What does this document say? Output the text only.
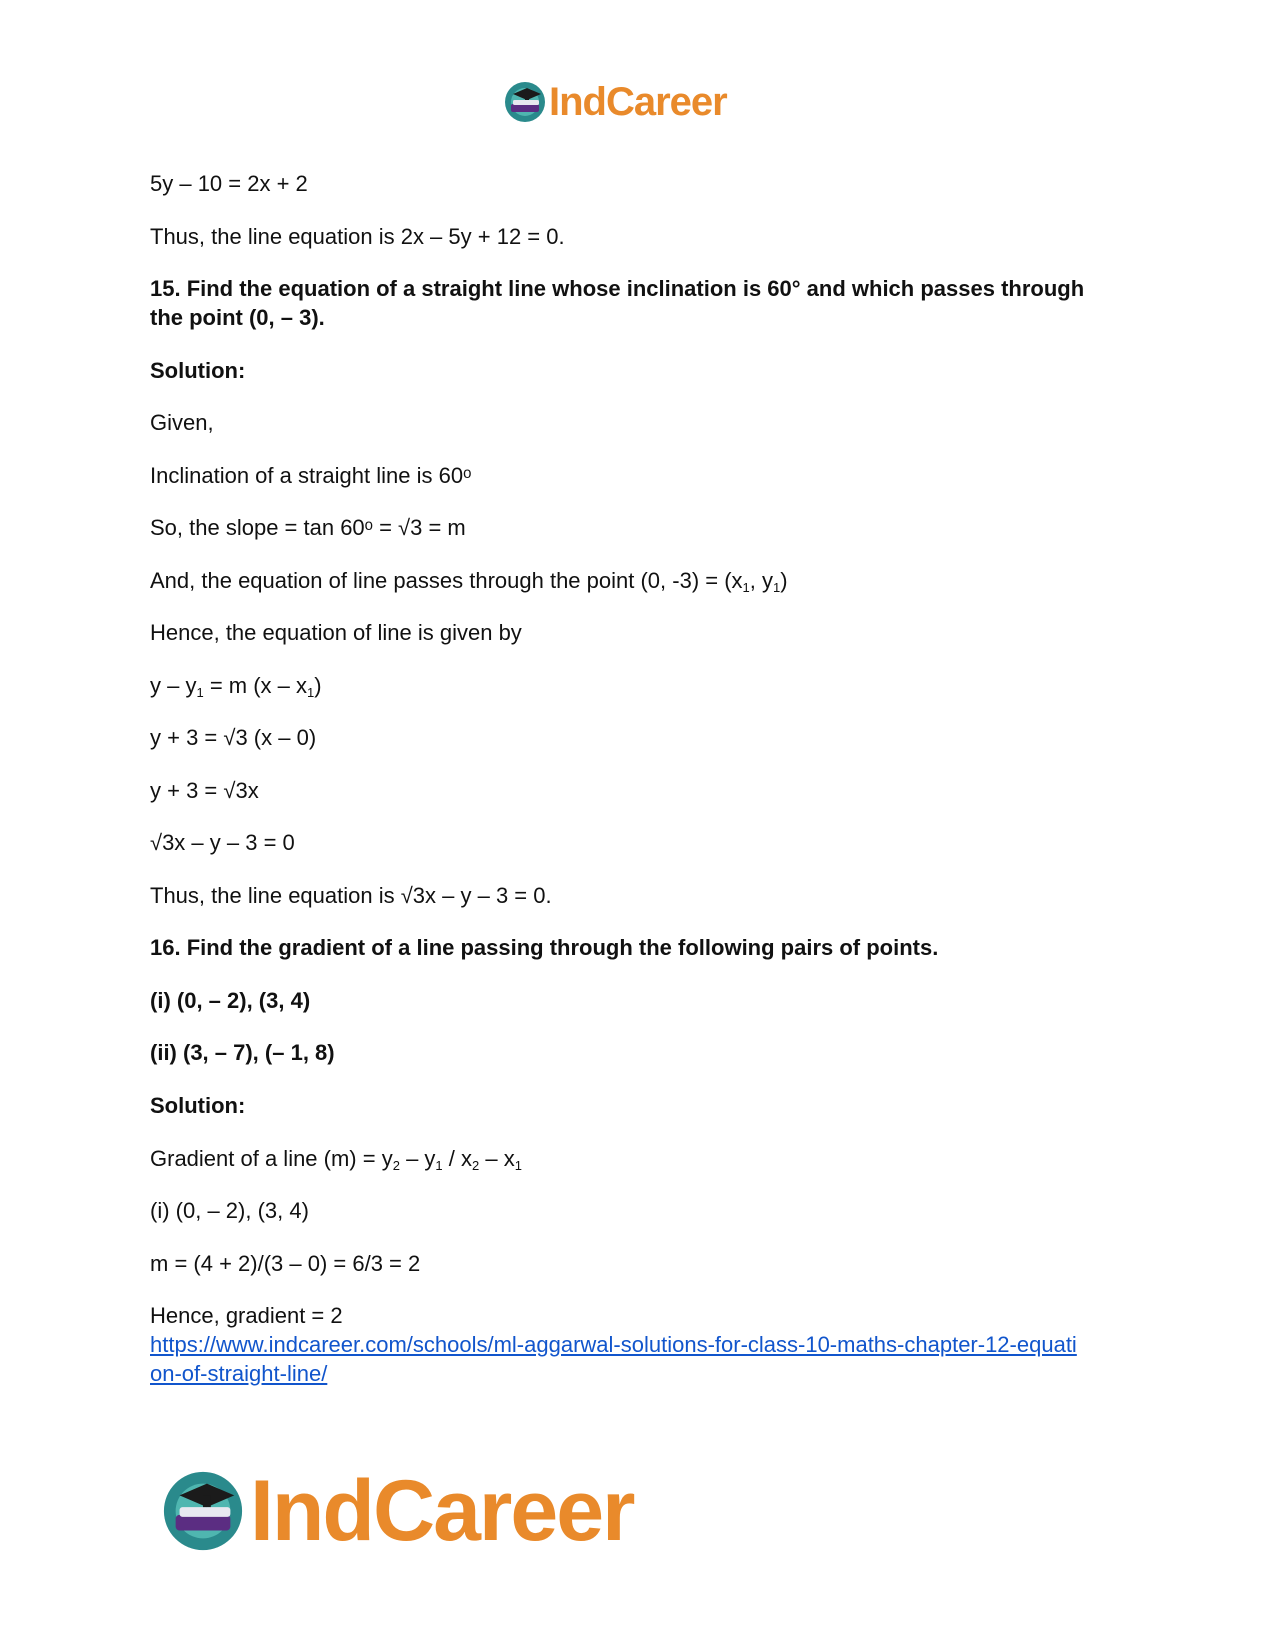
IndCareer
5y – 10 = 2x + 2
Thus, the line equation is 2x – 5y + 12 = 0.
15. Find the equation of a straight line whose inclination is 60° and which passes through
the point (0, – 3).
Solution:
Given,
Inclination of a straight line is 60ᵒ
So, the slope = tan 60ᵒ = √3 = m
And, the equation of line passes through the point (0, $-3) = (x_1$, $y_1$)
Hence, the equation of line is given by
$y - y_1 = m$ $(x - x_1)$
y + 3 = √3 (x – 0)
y + 3 = √3x
√3x – y – 3 = 0
Thus, the line equation is √3x – y – 3 = 0.
16. Find the gradient of a line passing through the following pairs of points.
(i) (0, – 2), (3, 4)
(ii) (3, – 7), (– 1, 8)
Solution:
Gradient of a line $(m) = y_2 - y_1 / x_2 - x_1$
(i) (0, – 2), (3, 4)
m = (4 + 2)/(3 – 0) = 6/3 = 2
Hence, gradient = 2
https://www.indcareer.com/schools/ml-aggarwal-solutions-for-class-10-maths-chapter-12-equati
on-of-straight-line/
IndCareer
